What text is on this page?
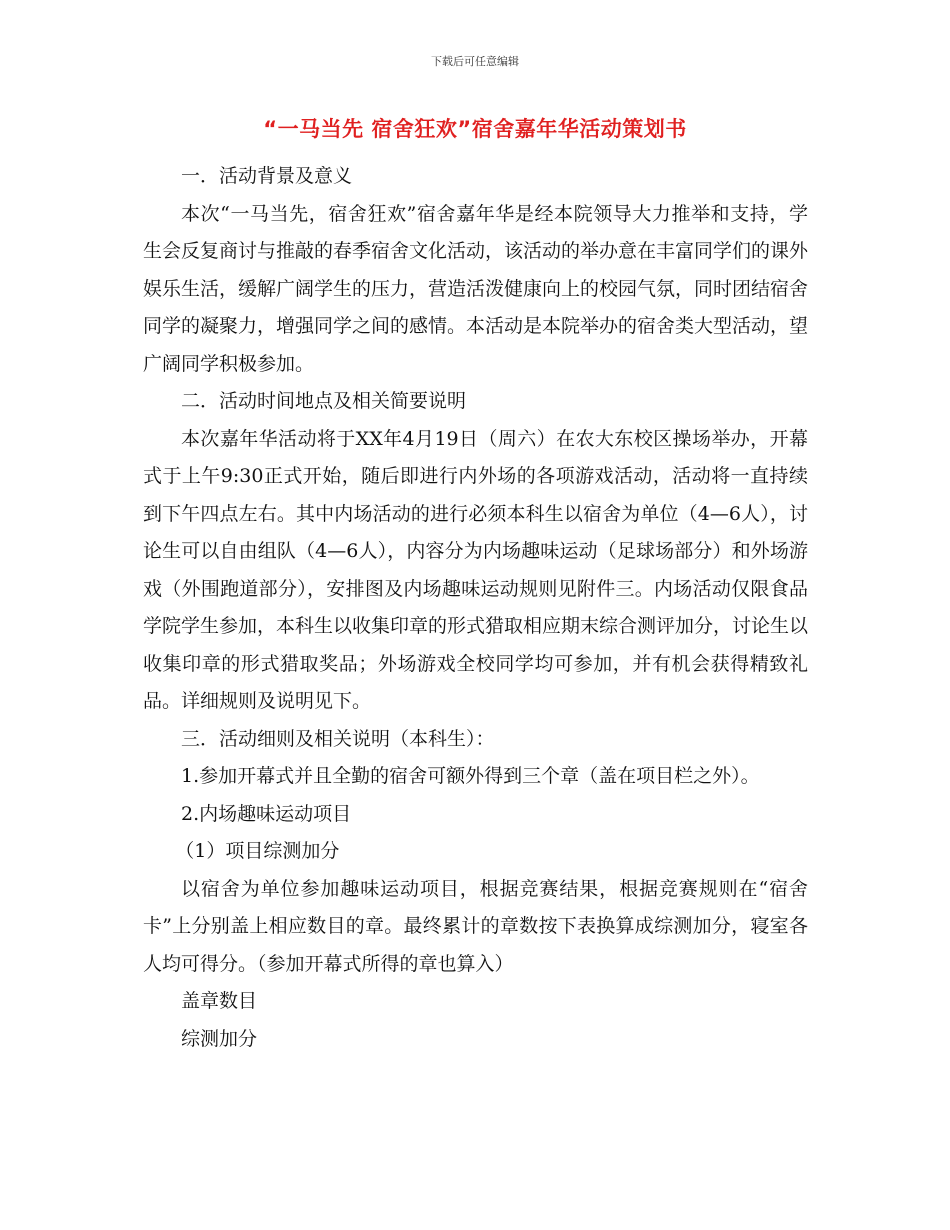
下载后可任意编辑
“一马当先 宿舍狂欢”宿舍嘉年华活动策划书

一．活动背景及意义

本次“一马当先，宿舍狂欢”宿舍嘉年华是经本院领导大力推举和支持，学生会反复商讨与推敲的春季宿舍文化活动，该活动的举办意在丰富同学们的课外娱乐生活，缓解广阔学生的压力，营造活泼健康向上的校园气氛，同时团结宿舍同学的凝聚力，增强同学之间的感情。本活动是本院举办的宿舍类大型活动，望广阔同学积极参加。

二．活动时间地点及相关简要说明

本次嘉年华活动将于XX年4月19日（周六）在农大东校区操场举办，开幕式于上午9:30正式开始，随后即进行内外场的各项游戏活动，活动将一直持续到下午四点左右。其中内场活动的进行必须本科生以宿舍为单位（4—6人），讨论生可以自由组队（4—6人），内容分为内场趣味运动（足球场部分）和外场游戏（外围跑道部分），安排图及内场趣味运动规则见附件三。内场活动仅限食品学院学生参加，本科生以收集印章的形式猎取相应期末综合测评加分，讨论生以收集印章的形式猎取奖品；外场游戏全校同学均可参加，并有机会获得精致礼品。详细规则及说明见下。

三．活动细则及相关说明（本科生）：

1.参加开幕式并且全勤的宿舍可额外得到三个章（盖在项目栏之外）。

2.内场趣味运动项目

（1）项目综测加分

以宿舍为单位参加趣味运动项目，根据竞赛结果，根据竞赛规则在“宿舍卡”上分别盖上相应数目的章。最终累计的章数按下表换算成综测加分，寝室各人均可得分。（参加开幕式所得的章也算入）

盖章数目

综测加分
